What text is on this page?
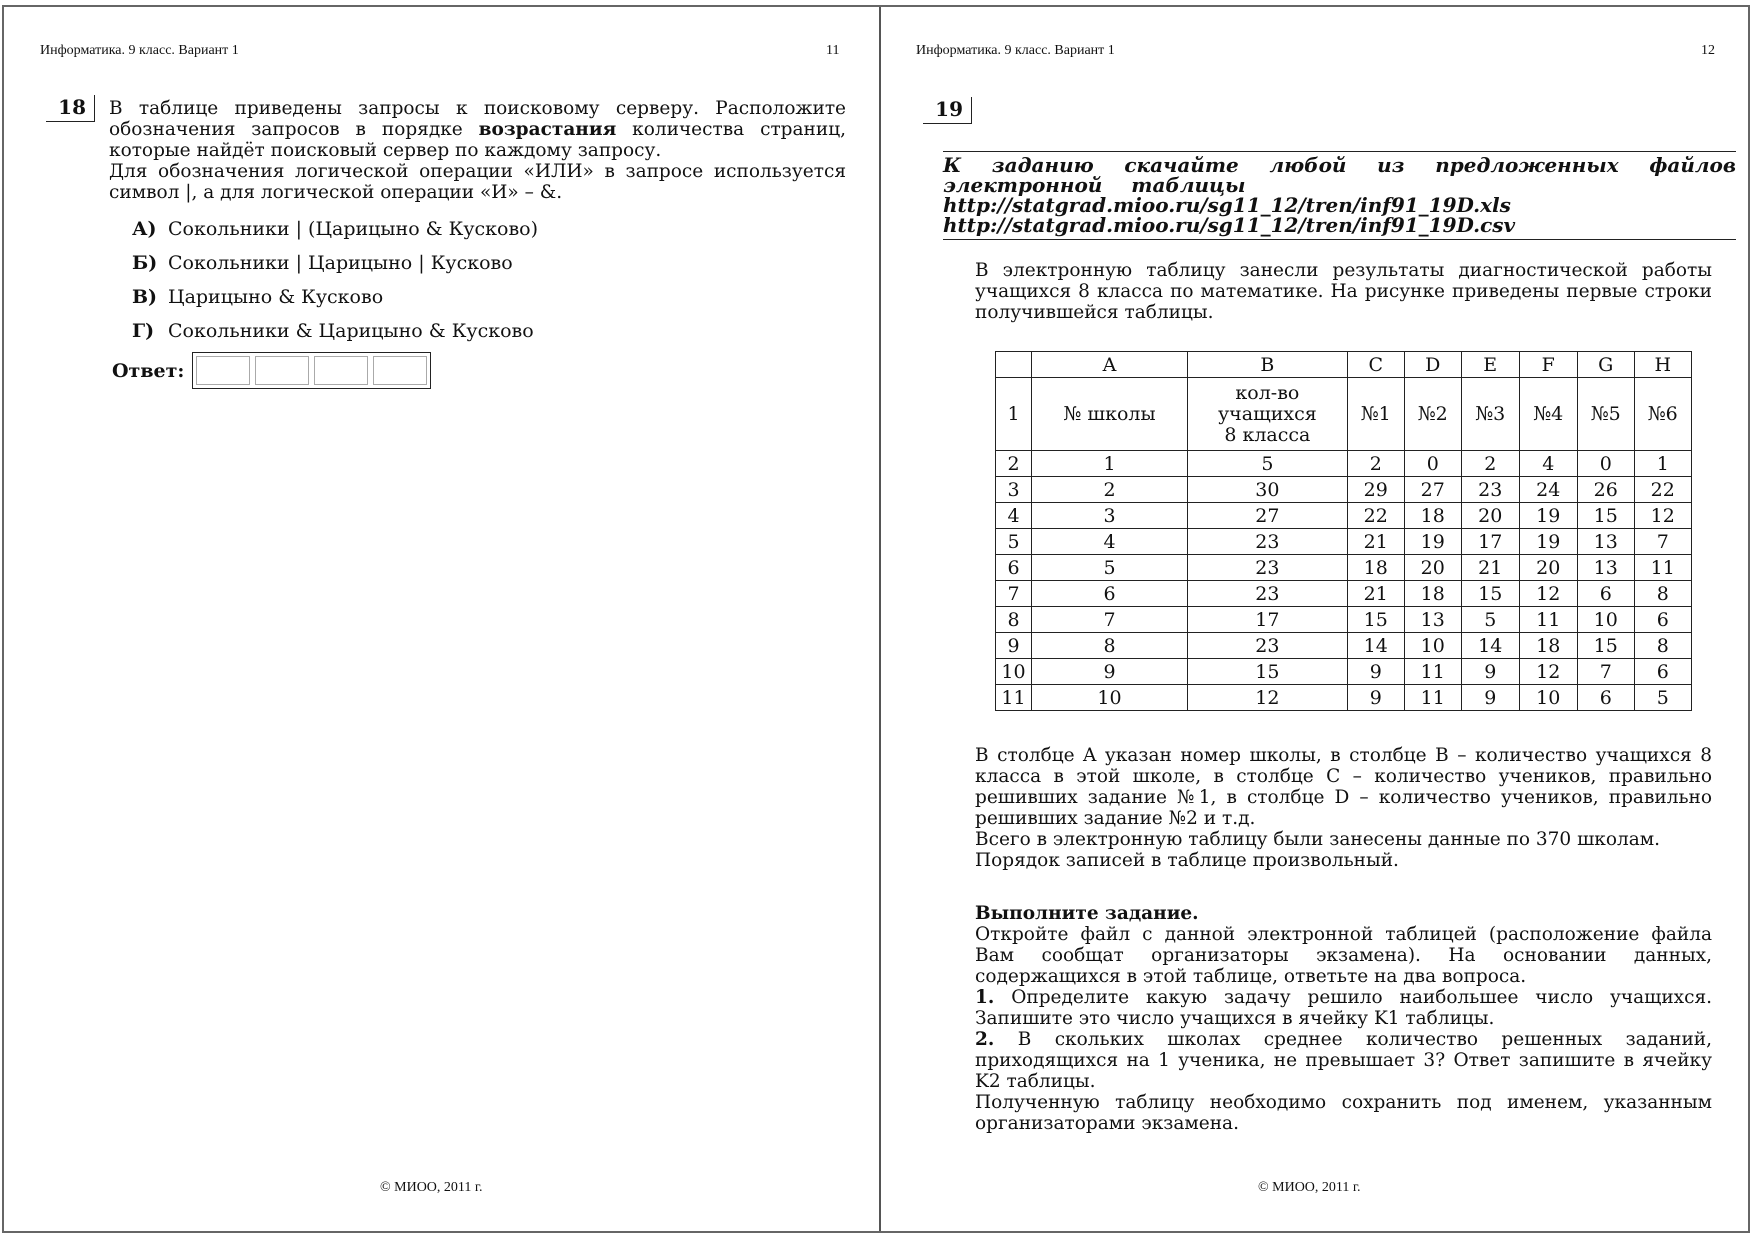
Информатика. 9 класс. Вариант 1	11
18	В таблице приведены запросы к поисковому серверу. Расположите обозначения запросов в порядке возрастания количества страниц, которые найдёт поисковый сервер по каждому запросу.

Для обозначения логической операции «ИЛИ» в запросе используется символ |, а для логической операции «И» – &.

А) Сокольники | (Царицыно & Кусково)
Б) Сокольники | Царицыно | Кусково
В) Царицыно & Кусково
Г) Сокольники & Царицыно & Кусково
Ответ:
© МИОО, 2011 г.
Информатика. 9 класс. Вариант 1	12
19
К заданию скачайте любой из предложенных файлов
электронной таблицы
http://statgrad.mioo.ru/sg11_12/tren/inf91_19D.xls
http://statgrad.mioo.ru/sg11_12/tren/inf91_19D.csv

В электронную таблицу занесли результаты диагностической работы учащихся 8 класса по математике. На рисунке приведены первые строки получившейся таблицы.

	A	B	C	D	E	F	G	H
1	№ школы	кол-во учащихся 8 класса	№1	№2	№3	№4	№5	№6
2	1	5	2	0	2	4	0	1
3	2	30	29	27	23	24	26	22
4	3	27	22	18	20	19	15	12
5	4	23	21	19	17	19	13	7
6	5	23	18	20	21	20	13	11
7	6	23	21	18	15	12	6	8
8	7	17	15	13	5	11	10	6
9	8	23	14	10	14	18	15	8
10	9	15	9	11	9	12	7	6
11	10	12	9	11	9	10	6	5

В столбце A указан номер школы, в столбце B – количество учащихся 8 класса в этой школе, в столбце C – количество учеников, правильно решивших задание №1, в столбце D – количество учеников, правильно решивших задание №2 и т.д.

Всего в электронную таблицу были занесены данные по 370 школам.

Порядок записей в таблице произвольный.

Выполните задание.

Откройте файл с данной электронной таблицей (расположение файла Вам сообщат организаторы экзамена). На основании данных, содержащихся в этой таблице, ответьте на два вопроса.

1. Определите какую задачу решило наибольшее число учащихся. Запишите это число учащихся в ячейку K1 таблицы.

2. В скольких школах среднее количество решенных заданий, приходящихся на 1 ученика, не превышает 3? Ответ запишите в ячейку K2 таблицы.

Полученную таблицу необходимо сохранить под именем, указанным организаторами экзамена.

© МИОО, 2011 г.
